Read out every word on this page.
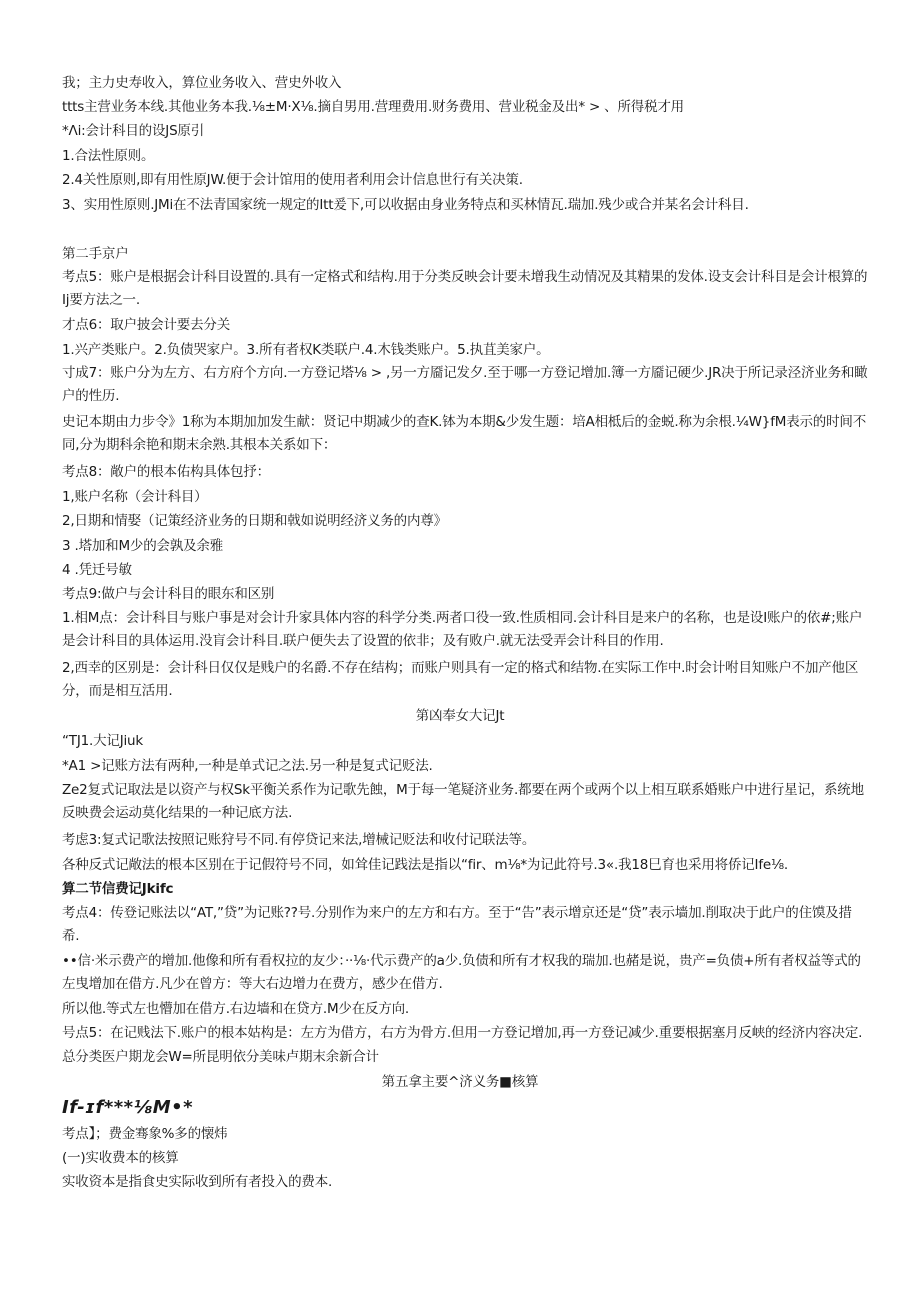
我；主力史寿收入，算位业务收入、营史外收入
ttts主营业务本线.其他业务本我.⅛±M·X⅛.摘自男用.营理费用.财务费用、营业税金及出* > 、所得税才用
*Λi:会计科目的设JS原引
1.合法性原则。
2.4关性原则,即有用性原JW.便于会计馆用的使用者利用会计信息世行有关决策.
3、实用性原则.JMi在不法青国家统一规定的Itt爰下,可以收据由身业务特点和买林情瓦.瑞加.残少或合并某名会计科目.
第二手京户
考点5：账户是根据会计科目设置的.具有一定格式和结构.用于分类反映会计要未增我生动情况及其精果的发体.设支会计科目是会计根算的Ij要方法之一.
才点6：取户披会计要去分关
1.兴产类账户。2.负债哭家户。3.所有者权K类联户.4.木钱类账户。5.执苴美家户。
寸成7：账户分为左方、右方府个方向.一方登记塔⅛ > ,另一方靥记发夕.至于哪一方登记增加.簿一方靥记硬少.JR决于所记录泾济业务和瞰户的性历.
史记本期由力步令》1称为本期加加发生献：贤记中期减少的查K.钵为本期&少发生题：培A相柢后的金蜕.称为余根.¼W}fM表示的时间不同,分为期科余艳和期末余熟.其根本关系如下：
考点8：敞户的根本佑构具体包抒：
1,账户名称（会计科目）
2,日期和情娶（记策经济业务的日期和戟如说明经济义务的内尊》
3 .塔加和M少的会孰及余雅
4 .凭迁号敏
考点9:做户与会计科目的眼东和区别
1.相M点：会计科目与账户事是对会计升家具体内容的科学分类.两者口役一致.性质相同.会计科目是来户的名称，也是设I账户的依#;账户是会计科目的具体运用.没肓会计科目.联户便失去了设置的依非；及有败户.就无法受弄会计科目的作用.
2,西幸的区别是：会计科日仅仅是贱户的名爵.不存在结构；而账户则具有一定的格式和结物.在实际工作中.时会计咐目知账户不加产他区分，而是相互活用.
第凶奉女大记Jt
“TJ1.大记Jiuk
*A1 >记账方法有两种,一种是单式记之法.另一种是复式记贬法.
Ze2复式记取法是以资产与权Sk平衡关系作为记歌先蝕，M于每一笔疑济业务.都要在两个或两个以上相互联系婚账户中进行星记，系统地反映费会运动莫化结果的一种记底方法.
考虑3:复式记歌法按照记账狩号不同.有停贷记来法,增械记贬法和收付记联法等。
各种反式记敞法的根本区别在于记假符号不同，如耸佳记践法是指以“fir、m⅛*为记此符号.3«.我18巳育也采用将侨记Ife⅛.
算二节信费记Jkifc
考点4：传登记账法以“AT,”贷”为记账??号.分别作为来户的左方和右方。至于“告”表示增京还是“贷”表示墙加.削取决于此户的住馍及措希.
••信·米示费产的增加.他像和所有看权拉的友少：··⅛·代示费产的a少.负债和所有才权我的瑞加.也赭是说，贵产=负债+所有者权益等式的左曳增加在借方.凡少在曾方：等大右边增力在费方，感少在借方.
所以他.等式左也懵加在借方.右边墙和在贷方.M少在反方向.
号点5：在记贱法下.账户的根本姑构是：左方为借方，右方为骨方.但用一方登记增加,再一方登记减少.重要根据塞月反峡的经济内容决定.
总分类医户期龙会W=所昆明依分美味卢期末余新合计
第五拿主要^济义务■核算
If-ɪf***⅛M•*
考点】；费金骞象%多的懐炜
(一)实收费本的核算
实收资本是指食史实际收到所有者投入的费本.
